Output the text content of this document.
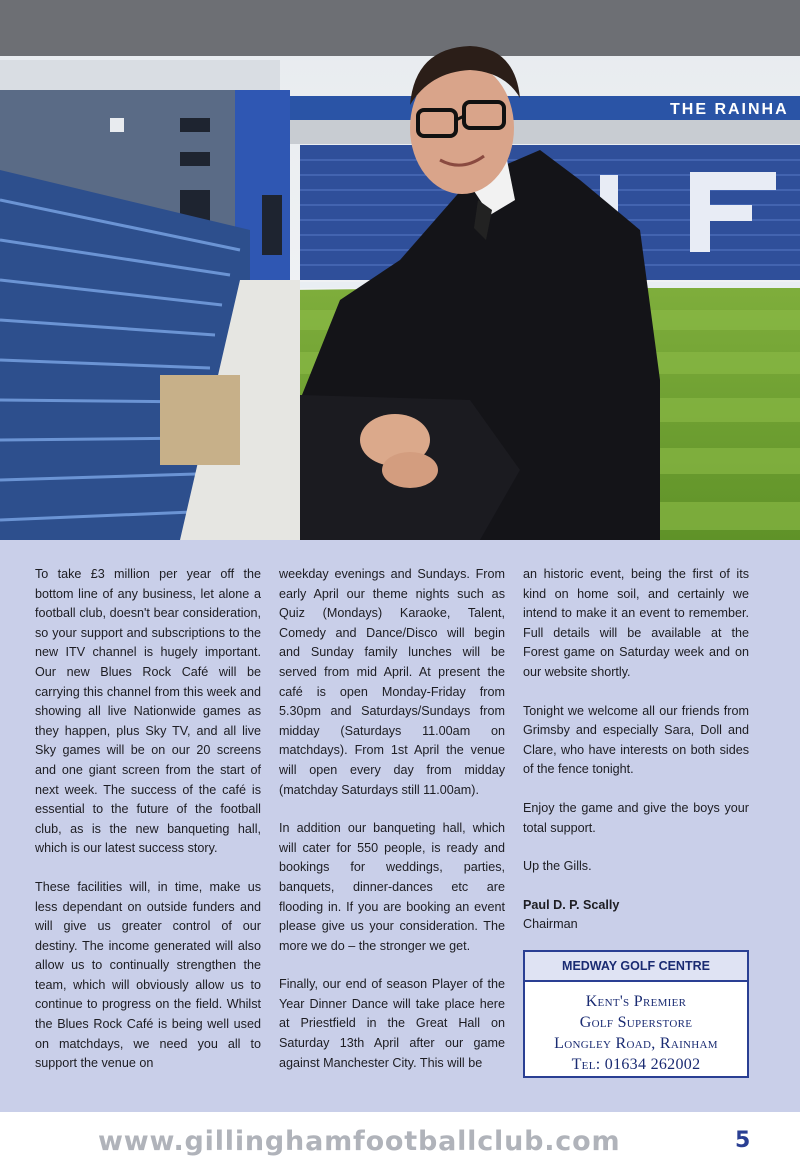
THE RAINHA

To take £3 million per year off the bottom line of any business, let alone a football club, doesn't bear consideration, so your support and subscriptions to the new ITV channel is hugely important. Our new Blues Rock Café will be carrying this channel from this week and showing all live Nationwide games as they happen, plus Sky TV, and all live Sky games will be on our 20 screens and one giant screen from the start of next week. The success of the café is essential to the future of the football club, as is the new banqueting hall, which is our latest success story.

These facilities will, in time, make us less dependant on outside funders and will give us greater control of our destiny. The income generated will also allow us to continually strengthen the team, which will obviously allow us to continue to progress on the field. Whilst the Blues Rock Café is being well used on matchdays, we need you all to support the venue on

weekday evenings and Sundays. From early April our theme nights such as Quiz (Mondays) Karaoke, Talent, Comedy and Dance/Disco will begin and Sunday family lunches will be served from mid April. At present the café is open Monday-Friday from 5.30pm and Saturdays/Sundays from midday (Saturdays 11.00am on matchdays). From 1st April the venue will open every day from midday (matchday Saturdays still 11.00am).

In addition our banqueting hall, which will cater for 550 people, is ready and bookings for weddings, parties, banquets, dinner-dances etc are flooding in. If you are booking an event please give us your consideration. The more we do – the stronger we get.

Finally, our end of season Player of the Year Dinner Dance will take place here at Priestfield in the Great Hall on Saturday 13th April after our game against Manchester City. This will be

an historic event, being the first of its kind on home soil, and certainly we intend to make it an event to remember. Full details will be available at the Forest game on Saturday week and on our website shortly.

Tonight we welcome all our friends from Grimsby and especially Sara, Doll and Clare, who have interests on both sides of the fence tonight.

Enjoy the game and give the boys your total support.

Up the Gills.

Paul D. P. Scally

Chairman

MEDWAY GOLF CENTRE
Kent's Premier
Golf Superstore
Longley Road, Rainham
Tel: 01634 262002
www.gillinghamfootballclub.com	5
